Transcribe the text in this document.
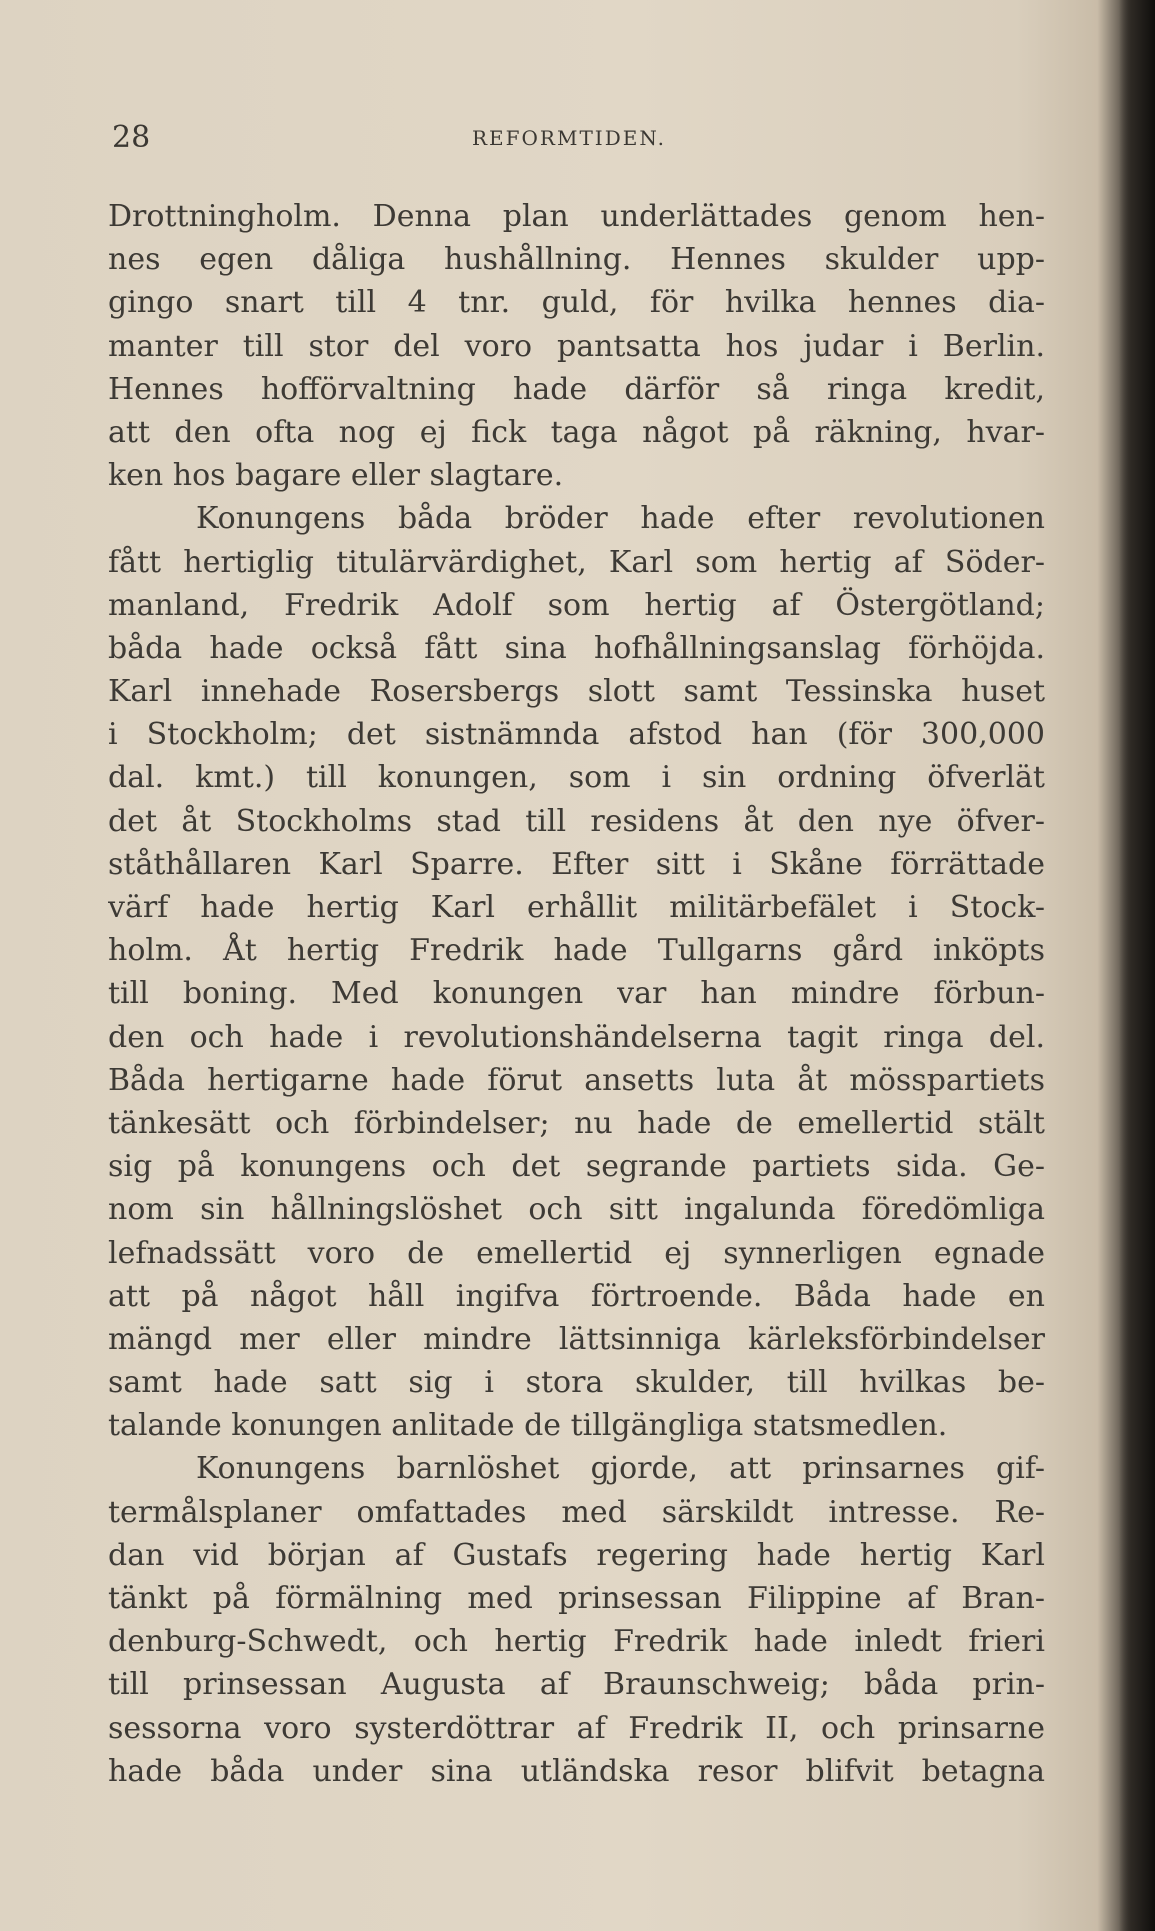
28	REFORMTIDEN.
Drottningholm. Denna plan underlättades genom hen-
nes egen dåliga hushållning. Hennes skulder upp-
gingo snart till 4 tnr. guld, för hvilka hennes dia-
manter till stor del voro pantsatta hos judar i Berlin.
Hennes hofförvaltning hade därför så ringa kredit,
att den ofta nog ej fick taga något på räkning, hvar-
ken hos bagare eller slagtare.
Konungens båda bröder hade efter revolutionen
fått hertiglig titulärvärdighet, Karl som hertig af Söder-
manland, Fredrik Adolf som hertig af Östergötland;
båda hade också fått sina hofhållningsanslag förhöjda.
Karl innehade Rosersbergs slott samt Tessinska huset
i Stockholm; det sistnämnda afstod han (för 300,000
dal. kmt.) till konungen, som i sin ordning öfverlät
det åt Stockholms stad till residens åt den nye öfver-
ståthållaren Karl Sparre. Efter sitt i Skåne förrättade
värf hade hertig Karl erhållit militärbefälet i Stock-
holm. Åt hertig Fredrik hade Tullgarns gård inköpts
till boning. Med konungen var han mindre förbun-
den och hade i revolutionshändelserna tagit ringa del.
Båda hertigarne hade förut ansetts luta åt mösspartiets
tänkesätt och förbindelser; nu hade de emellertid stält
sig på konungens och det segrande partiets sida. Ge-
nom sin hållningslöshet och sitt ingalunda föredömliga
lefnadssätt voro de emellertid ej synnerligen egnade
att på något håll ingifva förtroende. Båda hade en
mängd mer eller mindre lättsinniga kärleksförbindelser
samt hade satt sig i stora skulder, till hvilkas be-
talande konungen anlitade de tillgängliga statsmedlen.
Konungens barnlöshet gjorde, att prinsarnes gif-
termålsplaner omfattades med särskildt intresse. Re-
dan vid början af Gustafs regering hade hertig Karl
tänkt på förmälning med prinsessan Filippine af Bran-
denburg-Schwedt, och hertig Fredrik hade inledt frieri
till prinsessan Augusta af Braunschweig; båda prin-
sessorna voro systerdöttrar af Fredrik II, och prinsarne
hade båda under sina utländska resor blifvit betagna
